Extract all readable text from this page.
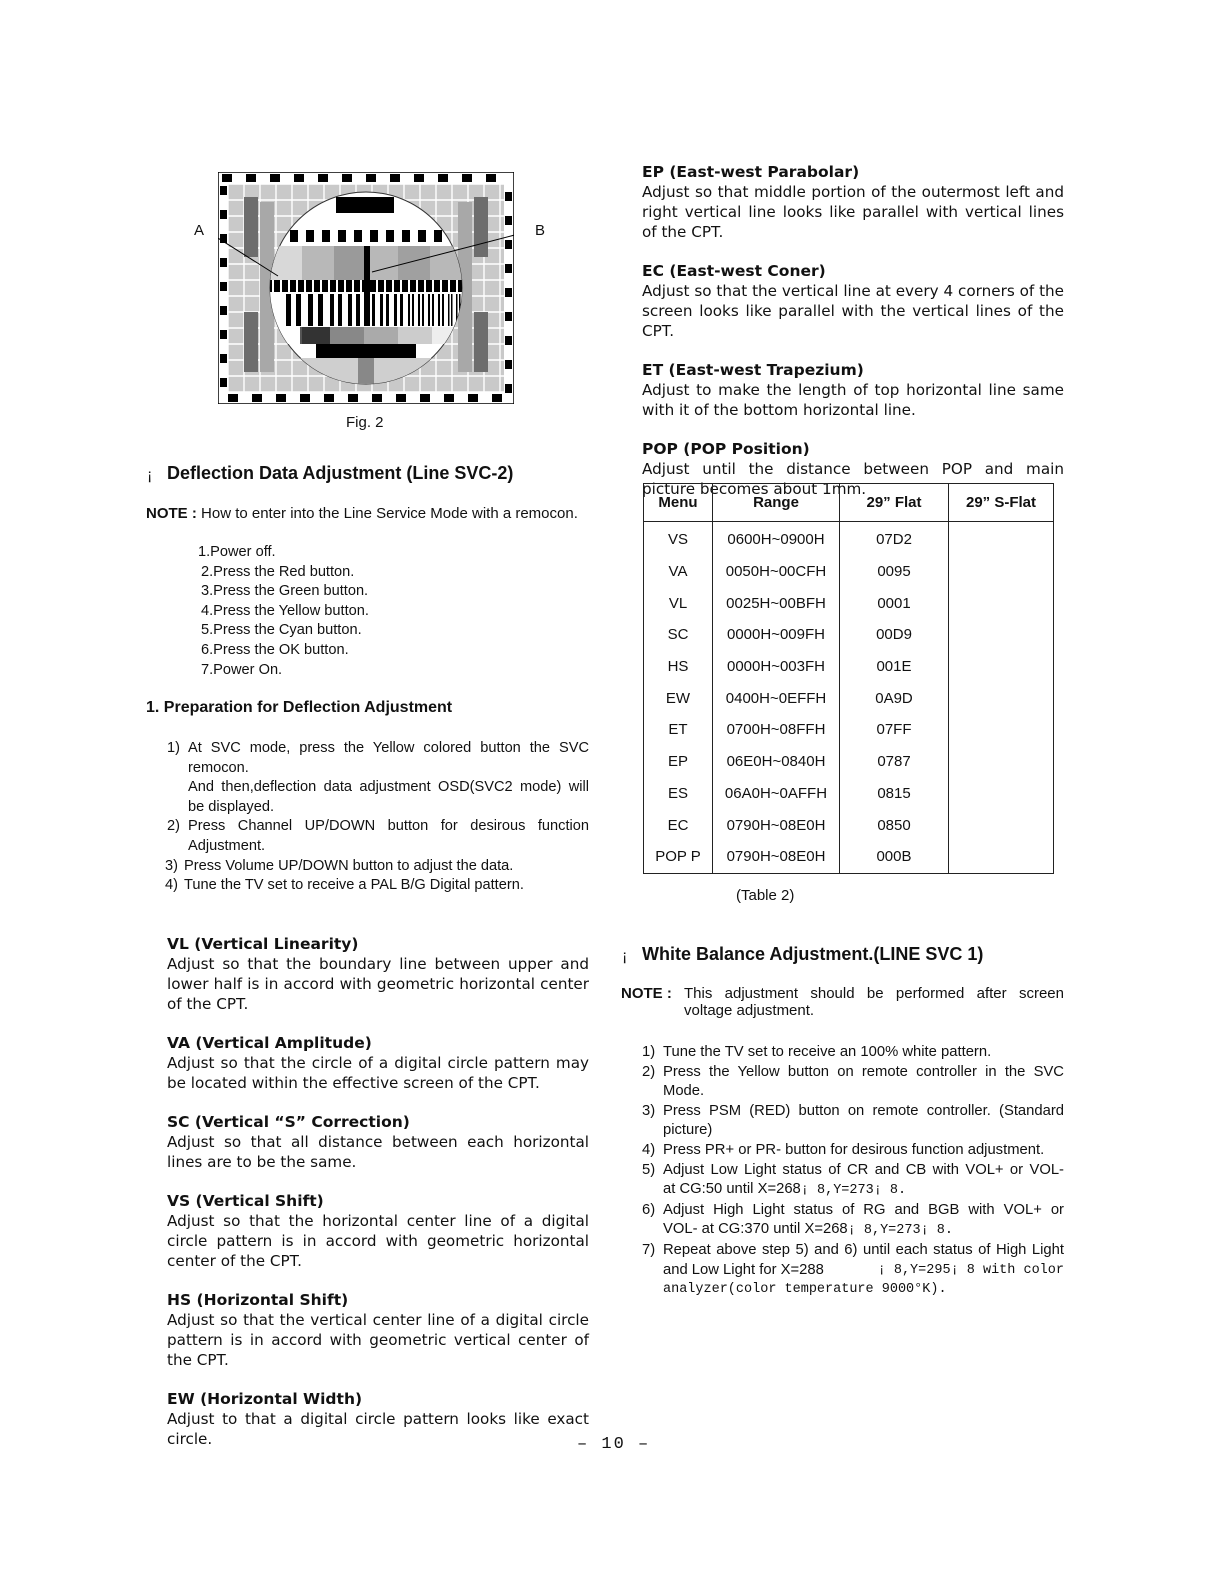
A	B
Fig. 2
¡ Deflection Data Adjustment (Line SVC-2)
NOTE : How to enter into the Line Service Mode with a remocon.
1.Power off.
2.Press the Red button.
3.Press the Green button.
4.Press the Yellow button.
5.Press the Cyan button.
6.Press the OK button.
7.Power On.
1. Preparation for Deflection Adjustment
1) At SVC mode, press the Yellow colored button the SVC
remocon.
And then,deflection data adjustment OSD(SVC2 mode) will
be displayed.
2) Press Channel UP/DOWN button for desirous function
Adjustment.
3) Press Volume UP/DOWN button to adjust the data.
4) Tune the TV set to receive a PAL B/G Digital pattern.
VL (Vertical Linearity)
Adjust so that the boundary line between upper and lower half is in accord with geometric horizontal center of the CPT.
VA (Vertical Amplitude)
Adjust so that the circle of a digital circle pattern may be located within the effective screen of the CPT.
SC (Vertical “S” Correction)
Adjust so that all distance between each horizontal lines are to be the same.
VS (Vertical Shift)
Adjust so that the horizontal center line of a digital circle pattern is in accord with geometric horizontal center of the CPT.
HS (Horizontal Shift)
Adjust so that the vertical center line of a digital circle pattern is in accord with geometric vertical center of the CPT.
EW (Horizontal Width)
Adjust to that a digital circle pattern looks like exact circle.
EP (East-west Parabolar)
Adjust so that middle portion of the outermost left and right vertical line looks like parallel with vertical lines of the CPT.
EC (East-west Coner)
Adjust so that the vertical line at every 4 corners of the screen looks like parallel with the vertical lines of the CPT.
ET (East-west Trapezium)
Adjust to make the length of top horizontal line same with it of the bottom horizontal line.
POP (POP Position)
Adjust until the distance between POP and main picture becomes about 1mm.
Menu	Range	29” Flat	29” S-Flat
VS	0600H~0900H	07D2	
VA	0050H~00CFH	0095	
VL	0025H~00BFH	0001	
SC	0000H~009FH	00D9	
HS	0000H~003FH	001E	
EW	0400H~0EFFH	0A9D	
ET	0700H~08FFH	07FF	
EP	06E0H~0840H	0787	
ES	06A0H~0AFFH	0815	
EC	0790H~08E0H	0850	
POP P	0790H~08E0H	000B	
(Table 2)
¡ White Balance Adjustment.(LINE SVC 1)
NOTE : This adjustment should be performed after screen
voltage adjustment.
1) Tune the TV set to receive an 100% white pattern.
2) Press the Yellow button on remote controller in the SVC
Mode.
3) Press PSM (RED) button on remote controller. (Standard
picture)
4) Press PR+ or PR- button for desirous function adjustment.
5) Adjust Low Light status of CR and CB with VOL+ or VOL-
at CG:50 until X=268¡ 8,Y=273¡ 8.
6) Adjust High Light status of RG and BGB with VOL+ or
VOL- at CG:370 until X=268¡ 8,Y=273¡ 8.
7) Repeat above step 5) and 6) until each status of High Light
and Low Light for X=288	¡ 8,Y=295¡ 8 with color
analyzer(color temperature 9000°K).
– 10 –
